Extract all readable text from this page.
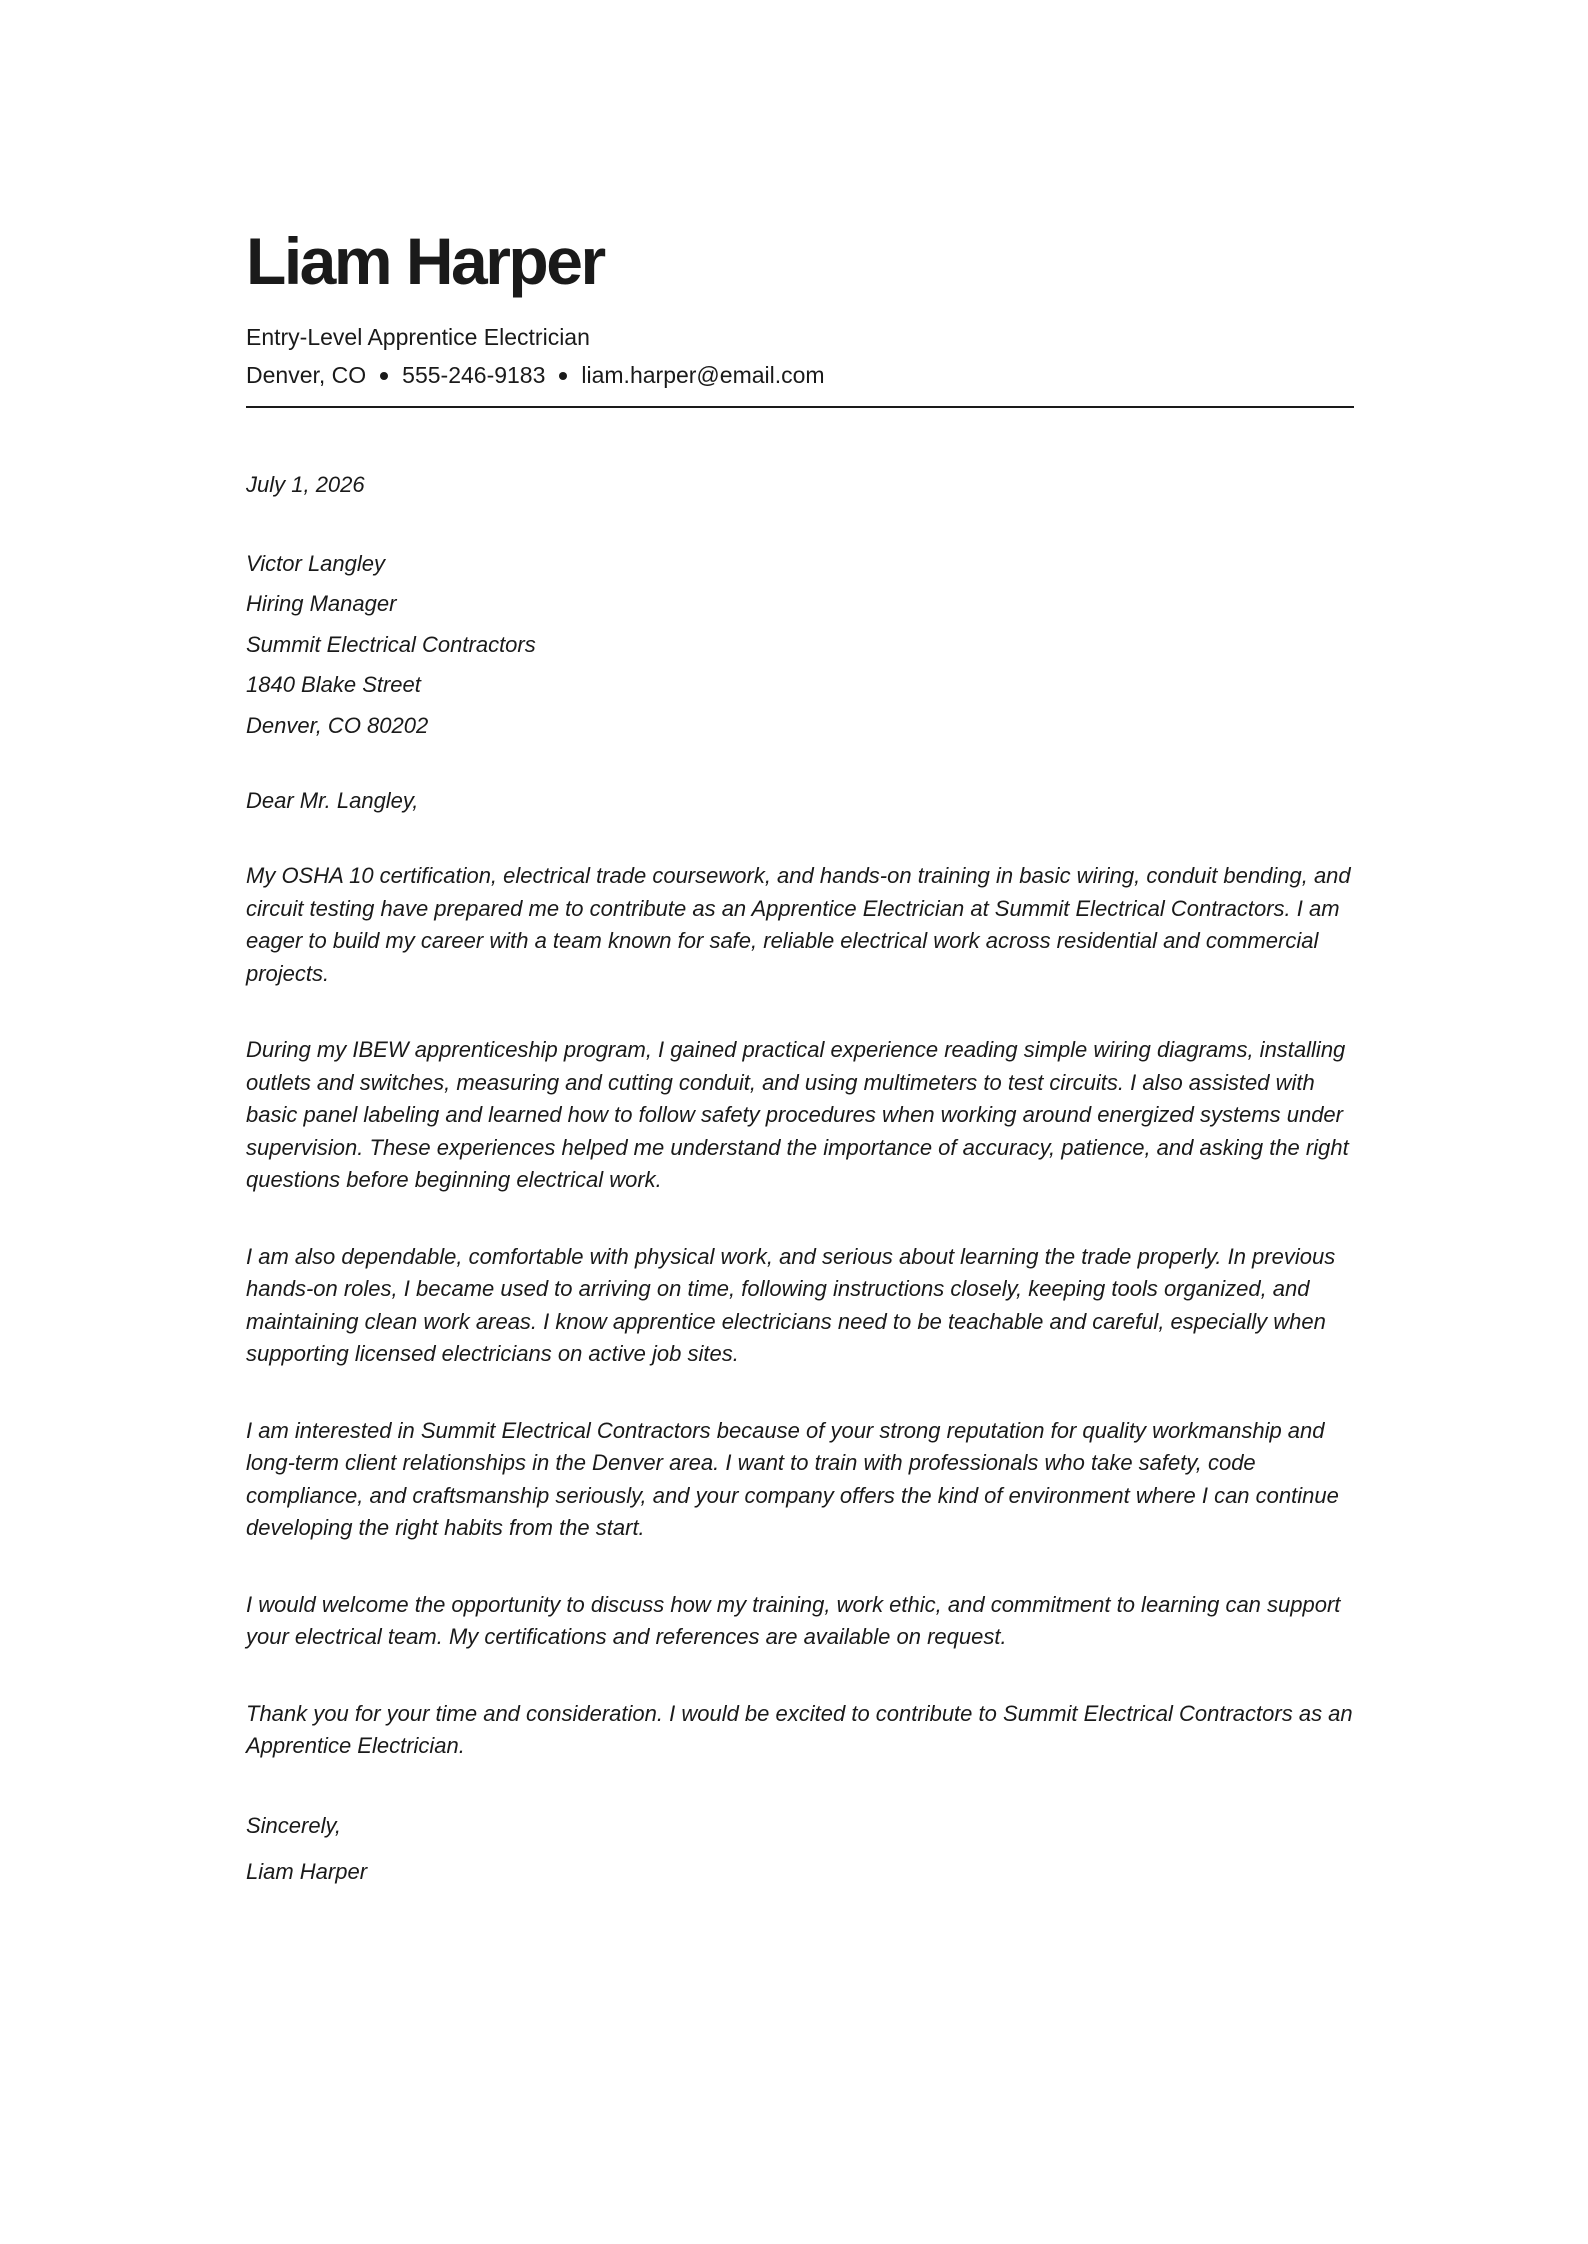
Liam Harper
Entry-Level Apprentice Electrician
Denver, CO 555-246-9183 liam.harper@email.com
July 1, 2026
Victor Langley
Hiring Manager
Summit Electrical Contractors
1840 Blake Street
Denver, CO 80202
Dear Mr. Langley,

My OSHA 10 certification, electrical trade coursework, and hands-on training in basic wiring, conduit bending, and circuit testing have prepared me to contribute as an Apprentice Electrician at Summit Electrical Contractors. I am eager to build my career with a team known for safe, reliable electrical work across residential and commercial projects.

During my IBEW apprenticeship program, I gained practical experience reading simple wiring diagrams, installing outlets and switches, measuring and cutting conduit, and using multimeters to test circuits. I also assisted with basic panel labeling and learned how to follow safety procedures when working around energized systems under supervision. These experiences helped me understand the importance of accuracy, patience, and asking the right questions before beginning electrical work.

I am also dependable, comfortable with physical work, and serious about learning the trade properly. In previous hands-on roles, I became used to arriving on time, following instructions closely, keeping tools organized, and maintaining clean work areas. I know apprentice electricians need to be teachable and careful, especially when supporting licensed electricians on active job sites.

I am interested in Summit Electrical Contractors because of your strong reputation for quality workmanship and long-term client relationships in the Denver area. I want to train with professionals who take safety, code compliance, and craftsmanship seriously, and your company offers the kind of environment where I can continue developing the right habits from the start.

I would welcome the opportunity to discuss how my training, work ethic, and commitment to learning can support your electrical team. My certifications and references are available on request.

Thank you for your time and consideration. I would be excited to contribute to Summit Electrical Contractors as an Apprentice Electrician.

Sincerely,
Liam Harper
